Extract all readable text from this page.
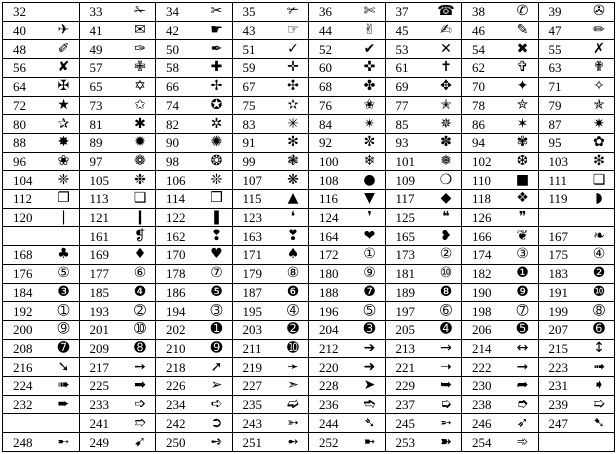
32		33	✁	34	✂	35	✃	36	✄	37	☎	38	✆	39	✇
40	✈	41	✉	42	☛	43	☞	44	✌	45	✍	46	✎	47	✏
48	✐	49	✑	50	✒	51	✓	52	✔	53	✕	54	✖	55	✗
56	✘	57	✙	58	✚	59	✛	60	✜	61	✝	62	✞	63	✟
64	✠	65	✡	66	✢	67	✣	68	✤	69	✥	70	✦	71	✧
72	★	73	✩	74	✪	75	✫	76	✬	77	✭	78	✮	79	✯
80	✰	81	✱	82	✲	83	✳	84	✴	85	✵	86	✶	87	✷
88	✸	89	✹	90	✺	91	✻	92	✼	93	✽	94	✾	95	✿
96	❀	97	❁	98	❂	99	❃	100	❄	101	❅	102	❆	103	❇
104	❈	105	❉	106	❊	107	❋	108	●	109	❍	110	■	111	❏
112	❐	113	❑	114	❒	115	▲	116	▼	117	◆	118	❖	119	◗
120	❘	121	❙	122	❚	123	❛	124	❜	125	❝	126	❞		
		161	❡	162	❢	163	❣	164	❤	165	❥	166	❦	167	❧
168	♣	169	♦	170	♥	171	♠	172	①	173	②	174	③	175	④
176	⑤	177	⑥	178	⑦	179	⑧	180	⑨	181	⑩	182	❶	183	❷
184	❸	185	❹	186	❺	187	❻	188	❼	189	❽	190	❾	191	❿
192	➀	193	➁	194	➂	195	➃	196	➄	197	➅	198	➆	199	➇
200	➈	201	➉	202	➊	203	➋	204	➌	205	➍	206	➎	207	➏
208	➐	209	➑	210	➒	211	➓	212	➔	213	→	214	↔	215	↕
216	➘	217	➙	218	➚	219	➛	220	➜	221	➝	222	➞	223	➟
224	➠	225	➡	226	➢	227	➣	228	➤	229	➥	230	➦	231	➧
232	➨	233	➩	234	➪	235	➫	236	➬	237	➭	238	➮	239	➯
		241	➱	242	➲	243	➳	244	➴	245	➵	246	➶	247	➷
248	➸	249	➹	250	➺	251	➻	252	➼	253	➽	254	➾		
